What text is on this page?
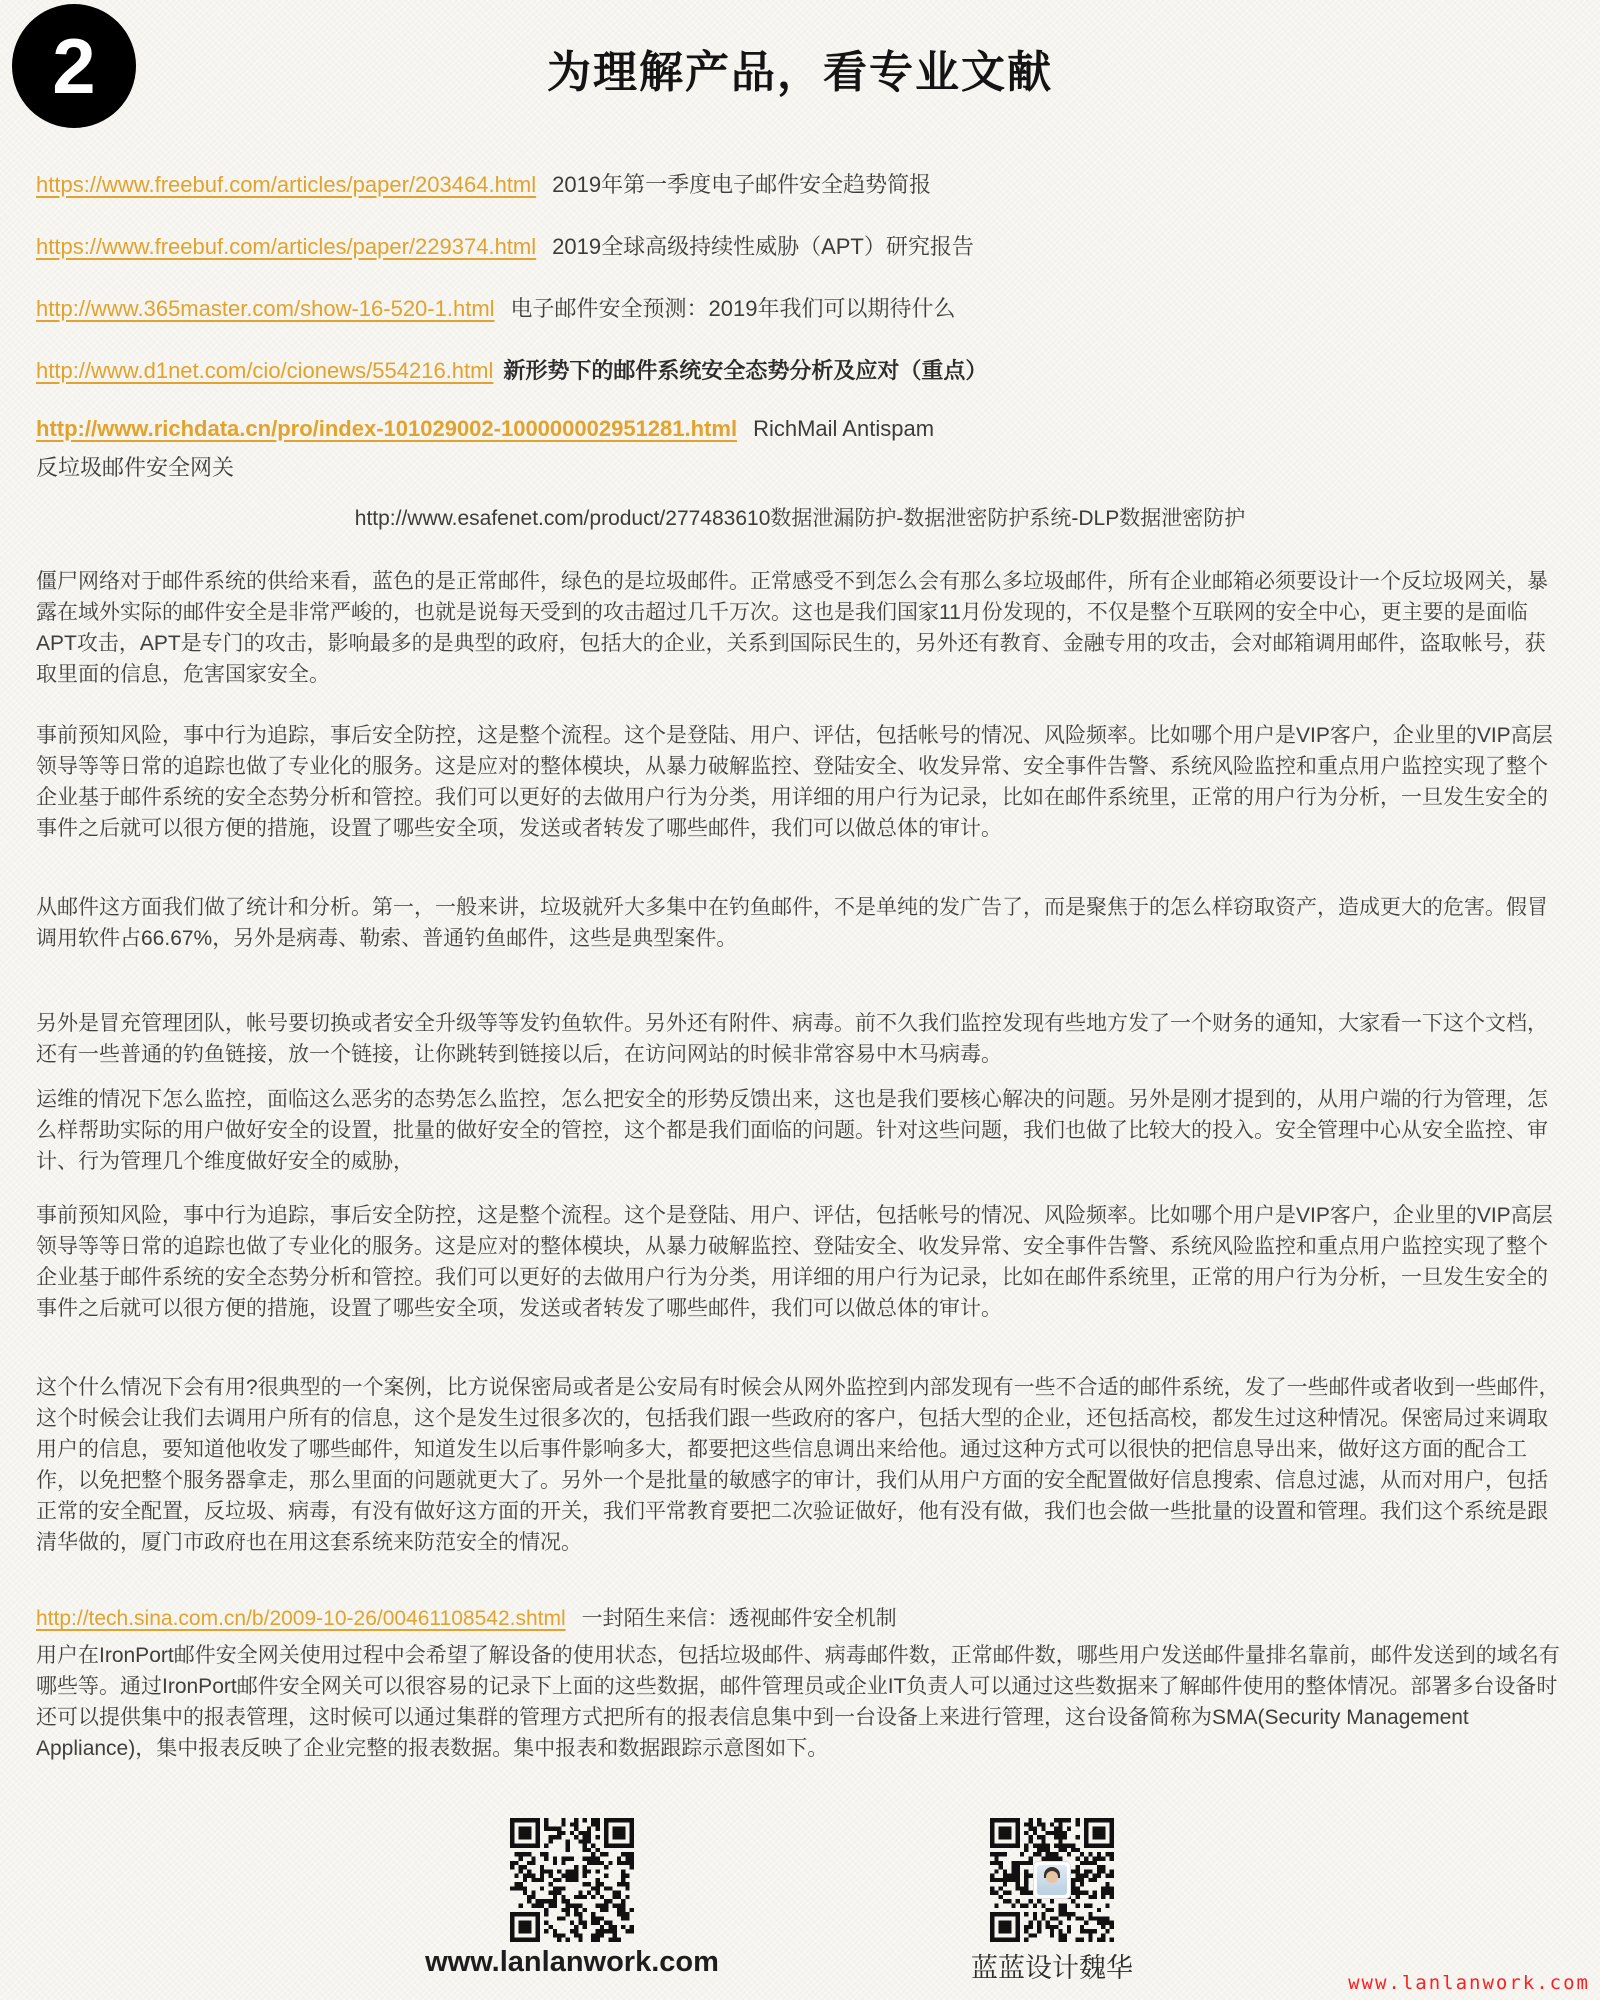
2	为理解产品，看专业文献
https://www.freebuf.com/articles/paper/203464.html 2019年第一季度电子邮件安全趋势简报
https://www.freebuf.com/articles/paper/229374.html 2019全球高级持续性威胁（APT）研究报告
http://www.365master.com/show-16-520-1.html 电子邮件安全预测：2019年我们可以期待什么
http://www.d1net.com/cio/cionews/554216.html 新形势下的邮件系统安全态势分析及应对（重点）
http://www.richdata.cn/pro/index-101029002-100000002951281.html RichMail Antispam
反垃圾邮件安全网关
http://www.esafenet.com/product/277483610数据泄漏防护-数据泄密防护系统-DLP数据泄密防护

僵尸网络对于邮件系统的供给来看，蓝色的是正常邮件，绿色的是垃圾邮件。正常感受不到怎么会有那么多垃圾邮件，所有企业邮箱必须要设计一个反垃圾网关，暴露在域外实际的邮件安全是非常严峻的，也就是说每天受到的攻击超过几千万次。这也是我们国家11月份发现的，不仅是整个互联网的安全中心，更主要的是面临APT攻击，APT是专门的攻击，影响最多的是典型的政府，包括大的企业，关系到国际民生的，另外还有教育、金融专用的攻击，会对邮箱调用邮件，盗取帐号，获取里面的信息，危害国家安全。

事前预知风险，事中行为追踪，事后安全防控，这是整个流程。这个是登陆、用户、评估，包括帐号的情况、风险频率。比如哪个用户是VIP客户，企业里的VIP高层领导等等日常的追踪也做了专业化的服务。这是应对的整体模块，从暴力破解监控、登陆安全、收发异常、安全事件告警、系统风险监控和重点用户监控实现了整个企业基于邮件系统的安全态势分析和管控。我们可以更好的去做用户行为分类，用详细的用户行为记录，比如在邮件系统里，正常的用户行为分析，一旦发生安全的事件之后就可以很方便的措施，设置了哪些安全项，发送或者转发了哪些邮件，我们可以做总体的审计。

从邮件这方面我们做了统计和分析。第一，一般来讲，垃圾就歼大多集中在钓鱼邮件，不是单纯的发广告了，而是聚焦于的怎么样窃取资产，造成更大的危害。假冒调用软件占66.67%，另外是病毒、勒索、普通钓鱼邮件，这些是典型案件。

另外是冒充管理团队，帐号要切换或者安全升级等等发钓鱼软件。另外还有附件、病毒。前不久我们监控发现有些地方发了一个财务的通知，大家看一下这个文档，还有一些普通的钓鱼链接，放一个链接，让你跳转到链接以后，在访问网站的时候非常容易中木马病毒。

运维的情况下怎么监控，面临这么恶劣的态势怎么监控，怎么把安全的形势反馈出来，这也是我们要核心解决的问题。另外是刚才提到的，从用户端的行为管理，怎么样帮助实际的用户做好安全的设置，批量的做好安全的管控，这个都是我们面临的问题。针对这些问题，我们也做了比较大的投入。安全管理中心从安全监控、审计、行为管理几个维度做好安全的威胁，

事前预知风险，事中行为追踪，事后安全防控，这是整个流程。这个是登陆、用户、评估，包括帐号的情况、风险频率。比如哪个用户是VIP客户，企业里的VIP高层领导等等日常的追踪也做了专业化的服务。这是应对的整体模块，从暴力破解监控、登陆安全、收发异常、安全事件告警、系统风险监控和重点用户监控实现了整个企业基于邮件系统的安全态势分析和管控。我们可以更好的去做用户行为分类，用详细的用户行为记录，比如在邮件系统里，正常的用户行为分析，一旦发生安全的事件之后就可以很方便的措施，设置了哪些安全项，发送或者转发了哪些邮件，我们可以做总体的审计。

这个什么情况下会有用?很典型的一个案例，比方说保密局或者是公安局有时候会从网外监控到内部发现有一些不合适的邮件系统，发了一些邮件或者收到一些邮件，这个时候会让我们去调用户所有的信息，这个是发生过很多次的，包括我们跟一些政府的客户，包括大型的企业，还包括高校，都发生过这种情况。保密局过来调取用户的信息，要知道他收发了哪些邮件，知道发生以后事件影响多大，都要把这些信息调出来给他。通过这种方式可以很快的把信息导出来，做好这方面的配合工作，以免把整个服务器拿走，那么里面的问题就更大了。另外一个是批量的敏感字的审计，我们从用户方面的安全配置做好信息搜索、信息过滤，从而对用户，包括正常的安全配置，反垃圾、病毒，有没有做好这方面的开关，我们平常教育要把二次验证做好，他有没有做，我们也会做一些批量的设置和管理。我们这个系统是跟清华做的，厦门市政府也在用这套系统来防范安全的情况。

http://tech.sina.com.cn/b/2009-10-26/00461108542.shtml 一封陌生来信：透视邮件安全机制

用户在IronPort邮件安全网关使用过程中会希望了解设备的使用状态，包括垃圾邮件、病毒邮件数，正常邮件数，哪些用户发送邮件量排名靠前，邮件发送到的域名有哪些等。通过IronPort邮件安全网关可以很容易的记录下上面的这些数据，邮件管理员或企业IT负责人可以通过这些数据来了解邮件使用的整体情况。部署多台设备时还可以提供集中的报表管理，这时候可以通过集群的管理方式把所有的报表信息集中到一台设备上来进行管理，这台设备简称为SMA(Security Management Appliance)，集中报表反映了企业完整的报表数据。集中报表和数据跟踪示意图如下。

www.lanlanwork.com	蓝蓝设计魏华	www.lanlanwork.com
